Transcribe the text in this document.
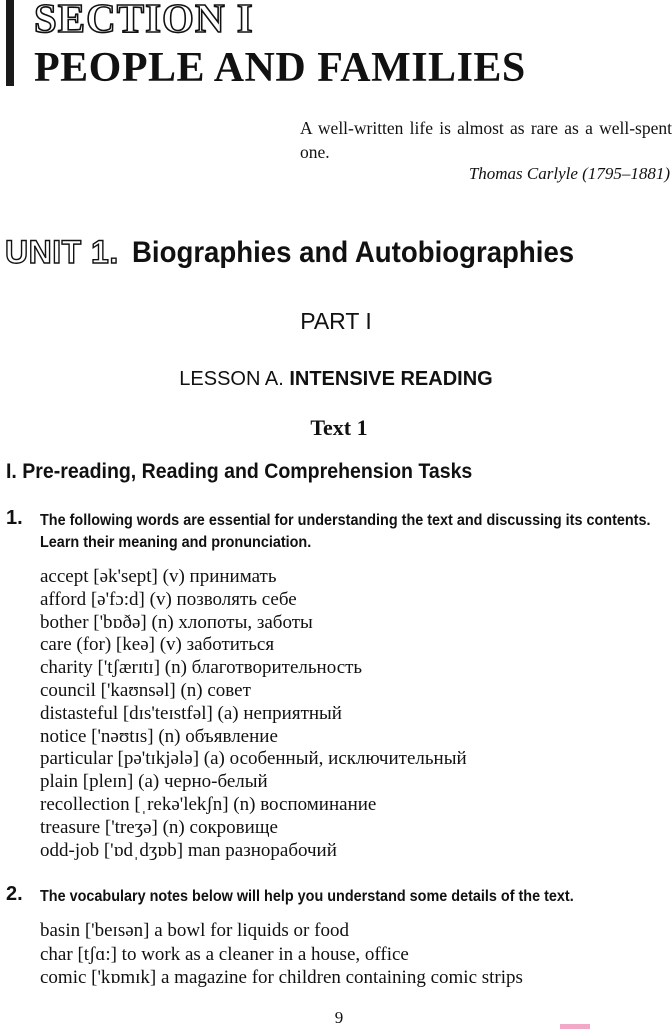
SECTION I
PEOPLE AND FAMILIES
A well-written life is almost as rare as a well-spent one.
Thomas Carlyle (1795–1881)
UNIT 1. Biographies and Autobiographies
PART I
LESSON A. INTENSIVE READING
Text 1
I. Pre-reading, Reading and Comprehension Tasks
1. The following words are essential for understanding the text and discussing its contents. Learn their meaning and pronunciation.
accept [ək'sept] (v) принимать
afford [ə'fɔ:d] (v) позволять себе
bother ['bɒðə] (n) хлопоты, заботы
care (for) [keə] (v) заботиться
charity ['tʃærɪtɪ] (n) благотворительность
council ['kaʊnsəl] (n) совет
distasteful [dɪs'teɪstfəl] (a) неприятный
notice ['nəʊtɪs] (n) объявление
particular [pə'tɪkjələ] (a) особенный, исключительный
plain [pleɪn] (a) черно-белый
recollection [ˌrekə'lekʃn] (n) воспоминание
treasure ['treʒə] (n) сокровище
odd-job ['ɒdˌdʒɒb] man разнорабочий
2. The vocabulary notes below will help you understand some details of the text.
basin ['beɪsən] a bowl for liquids or food
char [tʃɑ:] to work as a cleaner in a house, office
comic ['kɒmɪk] a magazine for children containing comic strips
9
